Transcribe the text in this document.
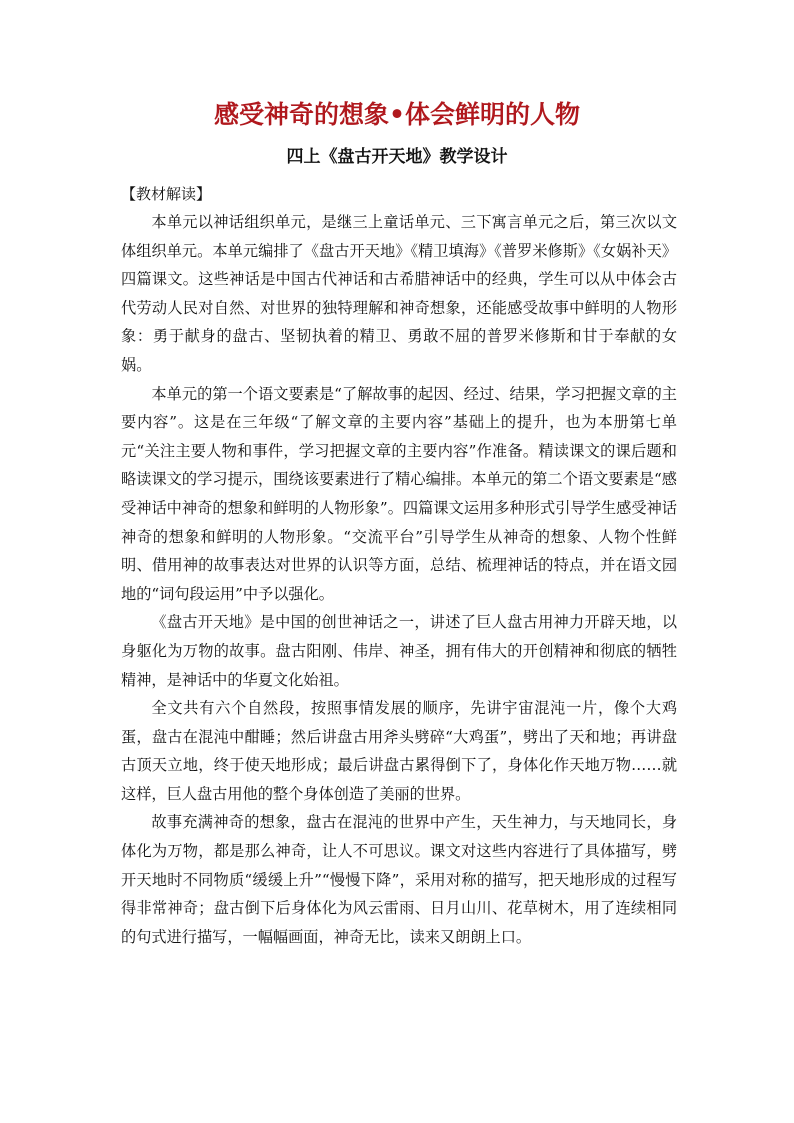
感受神奇的想象•体会鲜明的人物
四上《盘古开天地》教学设计
【教材解读】

本单元以神话组织单元，是继三上童话单元、三下寓言单元之后，第三次以文体组织单元。本单元编排了《盘古开天地》《精卫填海》《普罗米修斯》《女娲补天》四篇课文。这些神话是中国古代神话和古希腊神话中的经典，学生可以从中体会古代劳动人民对自然、对世界的独特理解和神奇想象，还能感受故事中鲜明的人物形象：勇于献身的盘古、坚韧执着的精卫、勇敢不屈的普罗米修斯和甘于奉献的女娲。

本单元的第一个语文要素是“了解故事的起因、经过、结果，学习把握文章的主要内容”。这是在三年级“了解文章的主要内容”基础上的提升，也为本册第七单元“关注主要人物和事件，学习把握文章的主要内容”作准备。精读课文的课后题和略读课文的学习提示，围绕该要素进行了精心编排。本单元的第二个语文要素是“感受神话中神奇的想象和鲜明的人物形象”。四篇课文运用多种形式引导学生感受神话神奇的想象和鲜明的人物形象。“交流平台”引导学生从神奇的想象、人物个性鲜明、借用神的故事表达对世界的认识等方面，总结、梳理神话的特点，并在语文园地的“词句段运用”中予以强化。

《盘古开天地》是中国的创世神话之一，讲述了巨人盘古用神力开辟天地，以身躯化为万物的故事。盘古阳刚、伟岸、神圣，拥有伟大的开创精神和彻底的牺牲精神，是神话中的华夏文化始祖。

全文共有六个自然段，按照事情发展的顺序，先讲宇宙混沌一片，像个大鸡蛋，盘古在混沌中酣睡；然后讲盘古用斧头劈碎“大鸡蛋”，劈出了天和地；再讲盘古顶天立地，终于使天地形成；最后讲盘古累得倒下了，身体化作天地万物……就这样，巨人盘古用他的整个身体创造了美丽的世界。

故事充满神奇的想象，盘古在混沌的世界中产生，天生神力，与天地同长，身体化为万物，都是那么神奇，让人不可思议。课文对这些内容进行了具体描写，劈开天地时不同物质“缓缓上升”“慢慢下降”，采用对称的描写，把天地形成的过程写得非常神奇；盘古倒下后身体化为风云雷雨、日月山川、花草树木，用了连续相同的句式进行描写，一幅幅画面，神奇无比，读来又朗朗上口。
